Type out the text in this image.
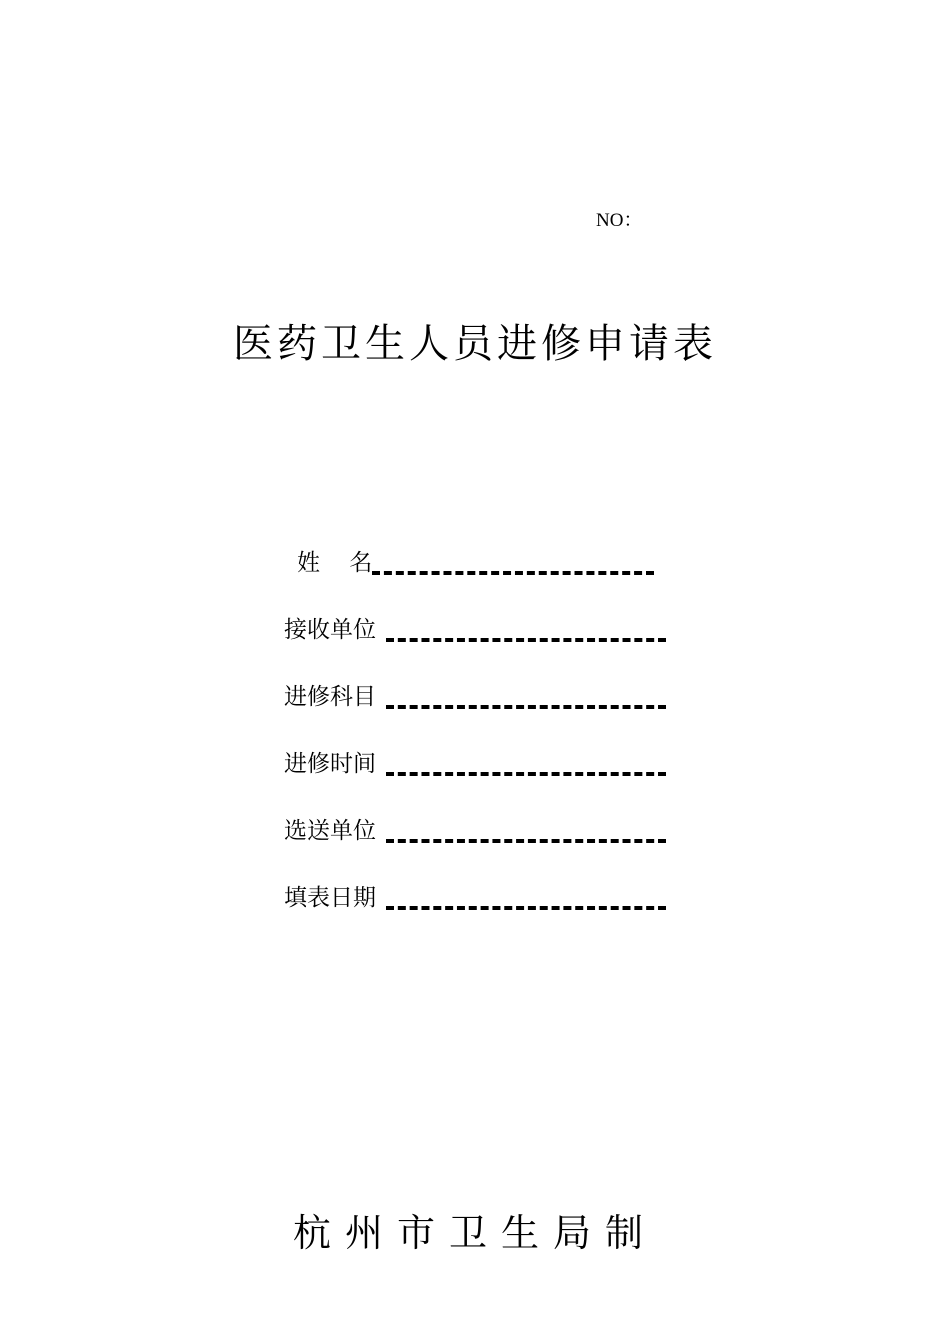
NO：
医药卫生人员进修申请表
姓    名
接收单位
进修科目
进修时间
选送单位
填表日期
杭州市卫生局制
